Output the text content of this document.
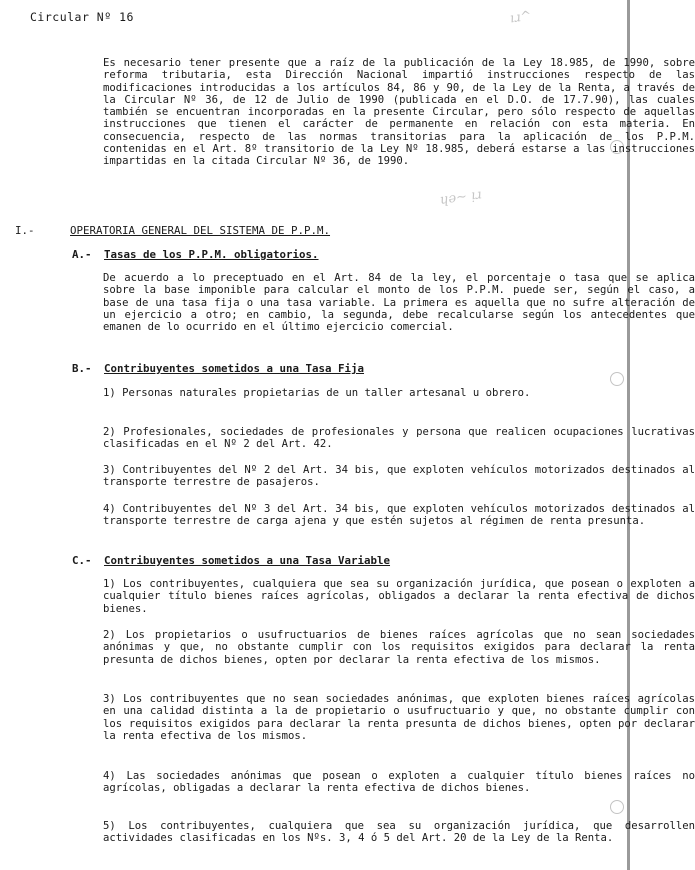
ıɹ^
ɥǝ~ ᴉɹ
Circular Nº 16
Es necesario tener presente que a raíz de la publicación de la Ley 18.985, de 1990, sobre reforma tributaria, esta Dirección Nacional impartió instrucciones respecto de las modificaciones introducidas a los artículos 84, 86 y 90, de la Ley de la Renta, a través de la Circular Nº 36, de 12 de Julio de 1990 (publicada en el D.O. de 17.7.90), las cuales también se encuentran incorporadas en la presente Circular, pero sólo respecto de aquellas instrucciones que tienen el carácter de permanente en relación con esta materia. En consecuencia, respecto de las normas transitorias para la aplicación de los P.P.M. contenidas en el Art. 8º transitorio de la Ley Nº 18.985, deberá estarse a las instrucciones impartidas en la citada Circular Nº 36, de 1990.
I.-	OPERATORIA GENERAL DEL SISTEMA DE P.P.M.
A.- Tasas de los P.P.M. obligatorios.
De acuerdo a lo preceptuado en el Art. 84 de la ley, el porcentaje o tasa que se aplica sobre la base imponible para calcular el monto de los P.P.M. puede ser, según el caso, a base de una tasa fija o una tasa variable. La primera es aquella que no sufre alteración de un ejercicio a otro; en cambio, la segunda, debe recalcularse según los antecedentes que emanen de lo ocurrido en el último ejercicio comercial.
B.- Contribuyentes sometidos a una Tasa Fija
1) Personas naturales propietarias de un taller artesanal u obrero.
2) Profesionales, sociedades de profesionales y persona que realicen ocupaciones lucrativas clasificadas en el Nº 2 del Art. 42.
3) Contribuyentes del Nº 2 del Art. 34 bis, que exploten vehículos motorizados destinados al transporte terrestre de pasajeros.
4) Contribuyentes del Nº 3 del Art. 34 bis, que exploten vehículos motorizados destinados al transporte terrestre de carga ajena y que estén sujetos al régimen de renta presunta.
C.- Contribuyentes sometidos a una Tasa Variable
1) Los contribuyentes, cualquiera que sea su organización jurídica, que posean o exploten a cualquier título bienes raíces agrícolas, obligados a declarar la renta efectiva de dichos bienes.
2) Los propietarios o usufructuarios de bienes raíces agrícolas que no sean sociedades anónimas y que, no obstante cumplir con los requisitos exigidos para declarar la renta presunta de dichos bienes, opten por declarar la renta efectiva de los mismos.
3) Los contribuyentes que no sean sociedades anónimas, que exploten bienes raíces agrícolas en una calidad distinta a la de propietario o usufructuario y que, no obstante cumplir con los requisitos exigidos para declarar la renta presunta de dichos bienes, opten por declarar la renta efectiva de los mismos.
4) Las sociedades anónimas que posean o exploten a cualquier título bienes raíces no agrícolas, obligadas a declarar la renta efectiva de dichos bienes.
5) Los contribuyentes, cualquiera que sea su organización jurídica, que desarrollen actividades clasificadas en los Nºs. 3, 4 ó 5 del Art. 20 de la Ley de la Renta.
